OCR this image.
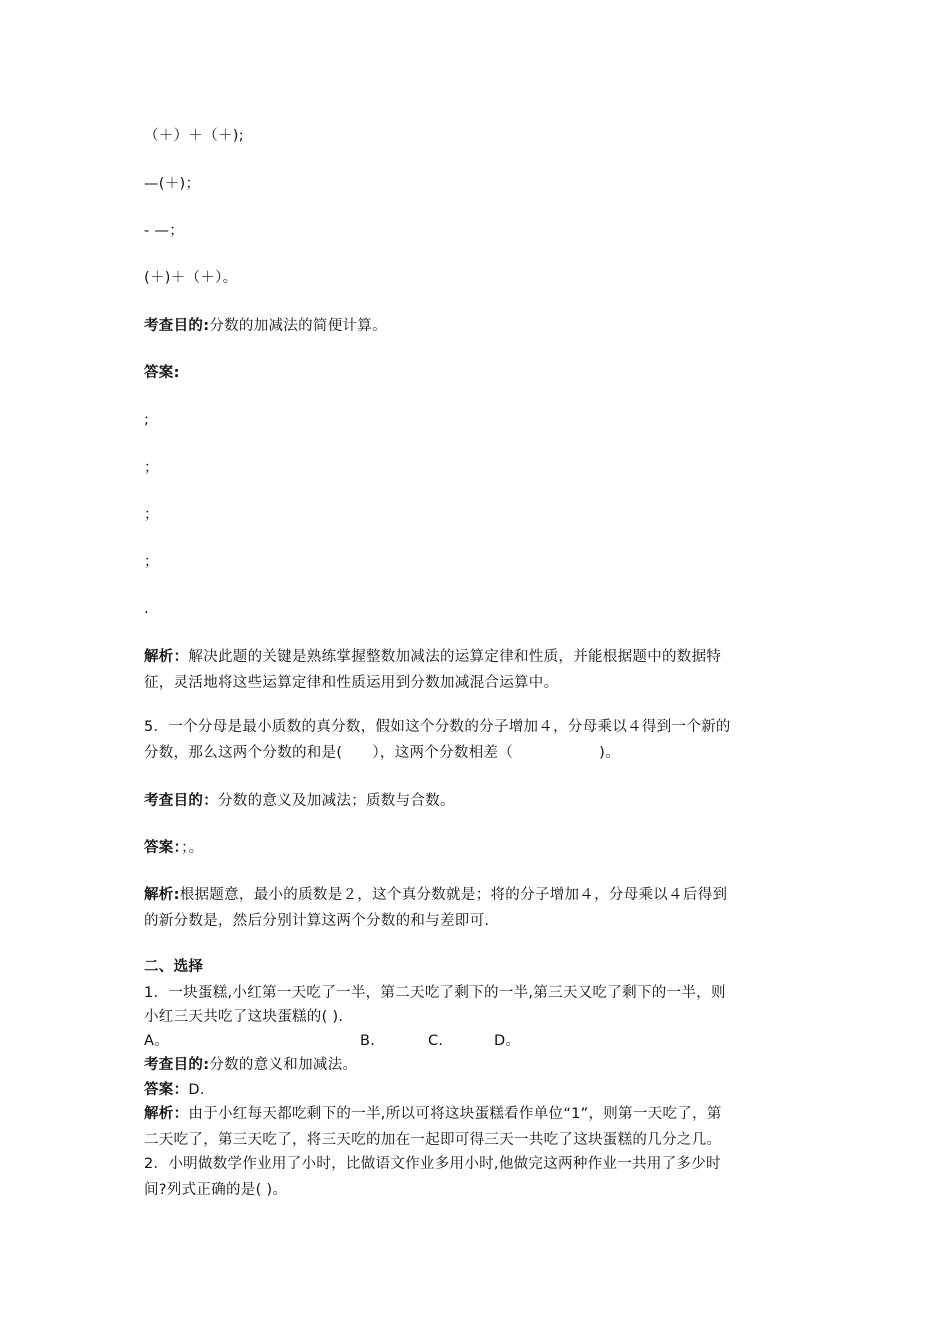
（＋）＋（＋);
—(＋)；
- —；
(＋)＋（＋）。
考查目的:分数的加减法的简便计算。
答案:
;
；
；
；
.
解析：解决此题的关键是熟练掌握整数加减法的运算定律和性质，并能根据题中的数据特
征，灵活地将这些运算定律和性质运用到分数加减混合运算中。
5．一个分母是最小质数的真分数，假如这个分数的分子增加４，分母乘以４得到一个新的
分数，那么这两个分数的和是( ），这两个分数相差（	)。
考查目的：分数的意义及加减法；质数与合数。
答案：；。
解析:根据题意，最小的质数是２，这个真分数就是；将的分子增加４，分母乘以４后得到
的新分数是，然后分别计算这两个分数的和与差即可.
二、选择
1．一块蛋糕,小红第一天吃了一半，第二天吃了剩下的一半,第三天又吃了剩下的一半，则
小红三天共吃了这块蛋糕的( ).
A。	B.	C.	D。
考查目的:分数的意义和加减法。
答案：D.
解析：由于小红每天都吃剩下的一半,所以可将这块蛋糕看作单位“1”，则第一天吃了，第
二天吃了，第三天吃了，将三天吃的加在一起即可得三天一共吃了这块蛋糕的几分之几。
2．小明做数学作业用了小时，比做语文作业多用小时,他做完这两种作业一共用了多少时
间?列式正确的是( )。
